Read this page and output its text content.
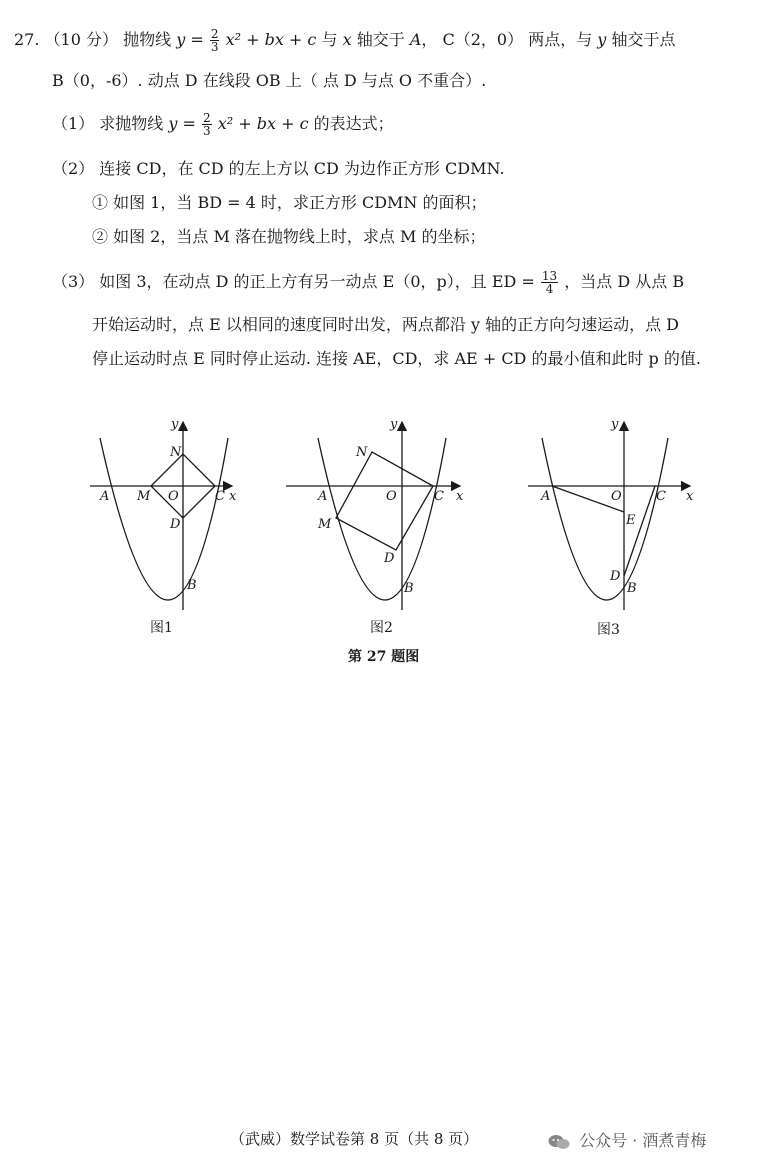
27. （10 分） 抛物线 $y = \frac{2}{3} x^2$ + bx + c 与 x 轴交于 A， C（2，0） 两点，与 y 轴交于点
B（0，-6）. 动点 D 在线段 OB 上（ 点 D 与点 O 不重合）.
（1） 求抛物线 $y = \frac{2}{3} x^2$ + bx + c 的表达式；
（2） 连接 CD，在 CD 的左上方以 CD 为边作正方形 CDMN.
① 如图 1，当 BD = 4 时，求正方形 CDMN 的面积；
② 如图 2，当点 M 落在抛物线上时，求点 M 的坐标；
（3） 如图 3，在动点 D 的正上方有另一动点 E（0，p），且 ED = $\frac{13}{4}$ ，当点 D 从点 B
开始运动时，点 E 以相同的速度同时出发，两点都沿 y 轴的正方向匀速运动，点 D
停止运动时点 E 同时停止运动. 连接 AE，CD，求 AE + CD 的最小值和此时 p 的值.
y
x
N
A M O	C
D
B
图1
y
x
N
A
M
O	C
D
B
图2
y
x
A	O	C
E
D
B
图3
第 27 题图
（武威）数学试卷第 8 页（共 8 页）	公众号 · 酒煮青梅
